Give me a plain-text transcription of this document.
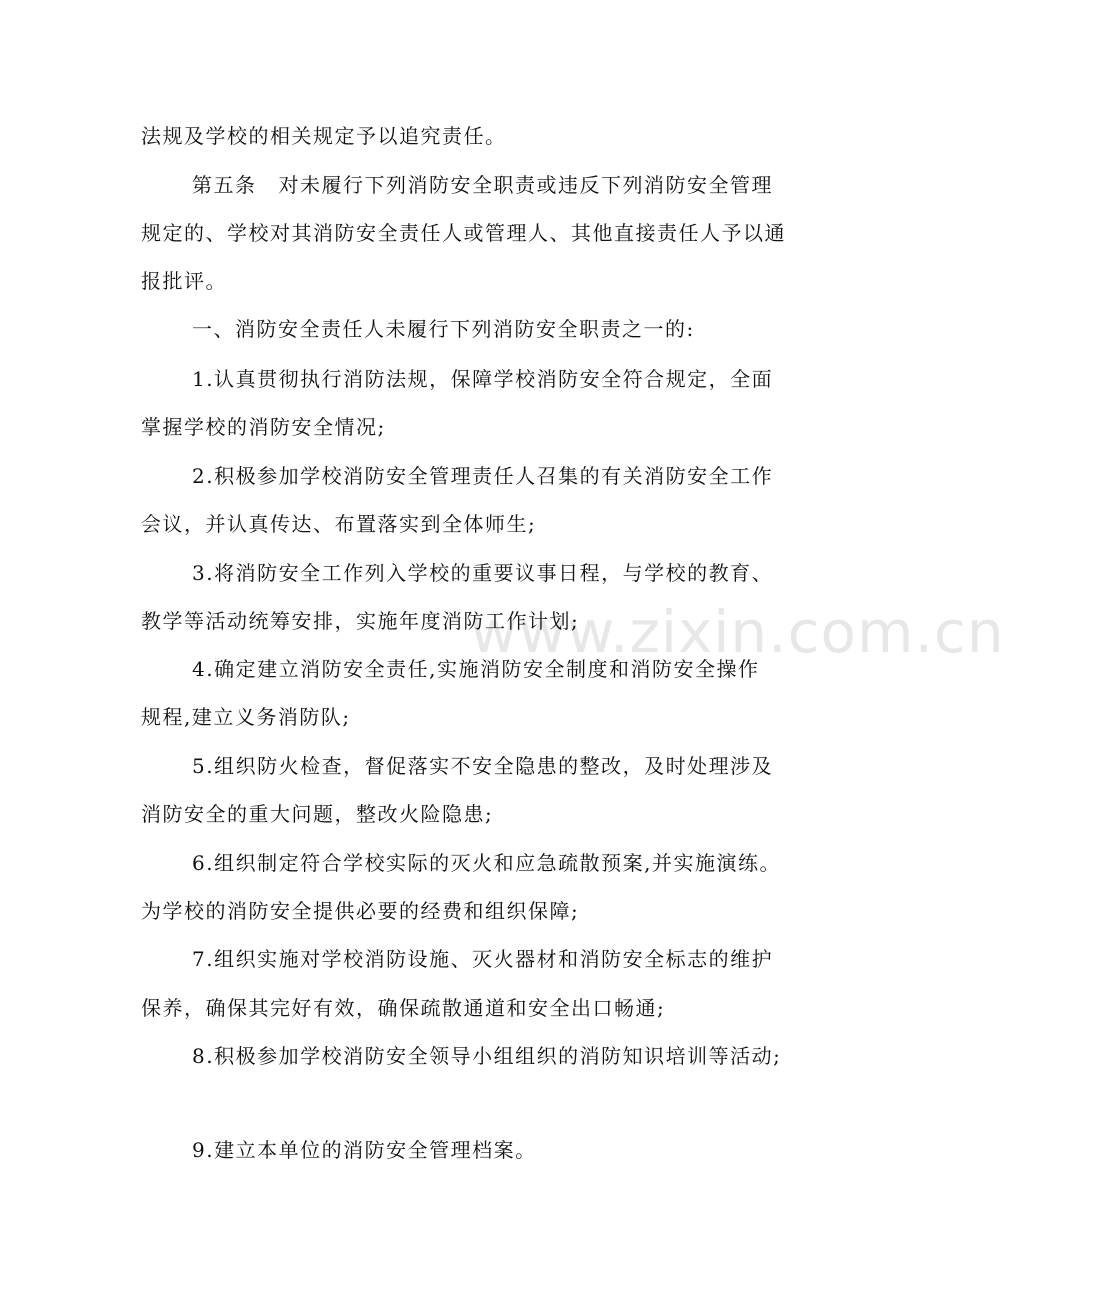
法规及学校的相关规定予以追究责任。
第五条 对未履行下列消防安全职责或违反下列消防安全管理
规定的、学校对其消防安全责任人或管理人、其他直接责任人予以通
报批评。
一、消防安全责任人未履行下列消防安全职责之一的:
1.认真贯彻执行消防法规，保障学校消防安全符合规定，全面
掌握学校的消防安全情况;
2.积极参加学校消防安全管理责任人召集的有关消防安全工作
会议，并认真传达、布置落实到全体师生;
3.将消防安全工作列入学校的重要议事日程，与学校的教育、
教学等活动统筹安排，实施年度消防工作计划;
4.确定建立消防安全责任,实施消防安全制度和消防安全操作
规程,建立义务消防队;
5.组织防火检查，督促落实不安全隐患的整改，及时处理涉及
消防安全的重大问题，整改火险隐患;
6.组织制定符合学校实际的灭火和应急疏散预案,并实施演练。
为学校的消防安全提供必要的经费和组织保障;
7.组织实施对学校消防设施、灭火器材和消防安全标志的维护
保养，确保其完好有效，确保疏散通道和安全出口畅通;
8.积极参加学校消防安全领导小组组织的消防知识培训等活动;
9.建立本单位的消防安全管理档案。
www.zixin.com.cn
